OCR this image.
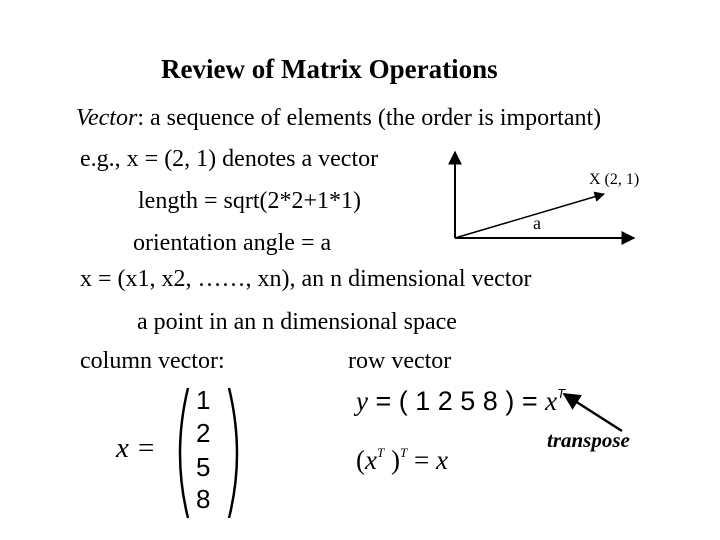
Review of Matrix Operations
Vector: a sequence of elements (the order is important)
e.g., x = (2, 1) denotes a vector
length = sqrt(2*2+1*1)
orientation angle = a
x = (x1, x2, ……, xn), an n dimensional vector
a point in an n dimensional space
column vector:	row vector
X (2, 1)
a
x =
1
2
5
8
y = ( 1 2 5 8 ) = $x^T$
($x^T$ )$^T$ = x
transpose
